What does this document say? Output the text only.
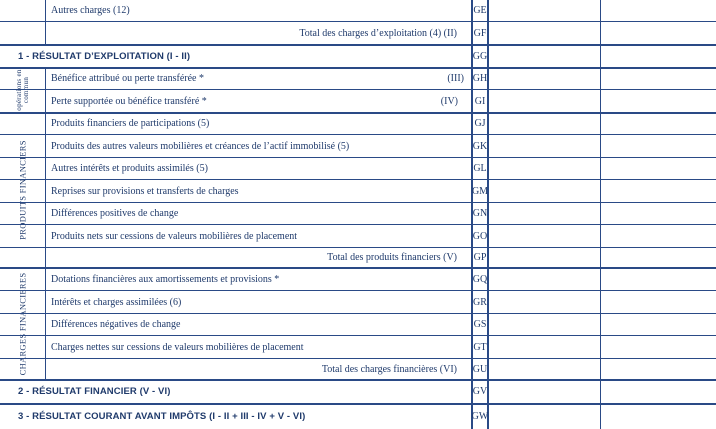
Autres charges (12)	GE
Total des charges d’exploitation (4) (II)	GF
1 - RÉSULTAT D’EXPLOITATION (I - II)	GG
opérations en commun	Bénéfice attribué ou perte transférée *	(III) GH
Perte supportée ou bénéfice transféré *	(IV)	GI
PRODUITS FINANCIERS
Produits financiers de participations (5)	GJ
Produits des autres valeurs mobilières et créances de l’actif immobilisé (5)	GK
Autres intérêts et produits assimilés (5)	GL
Reprises sur provisions et transferts de charges	GM
Différences positives de change	GN
Produits nets sur cessions de valeurs mobilières de placement	GO
Total des produits financiers (V)	GP
CHARGES FINANCIERES	Dotations financières aux amortissements et provisions *	GQ
Intérêts et charges assimilées (6)	GR
Différences négatives de change	GS
Charges nettes sur cessions de valeurs mobilières de placement	GT
Total des charges financières (VI)	GU
2 - RÉSULTAT FINANCIER (V - VI)	GV
3 - RÉSULTAT COURANT AVANT IMPÔTS (I - II + III - IV + V - VI)	GW
